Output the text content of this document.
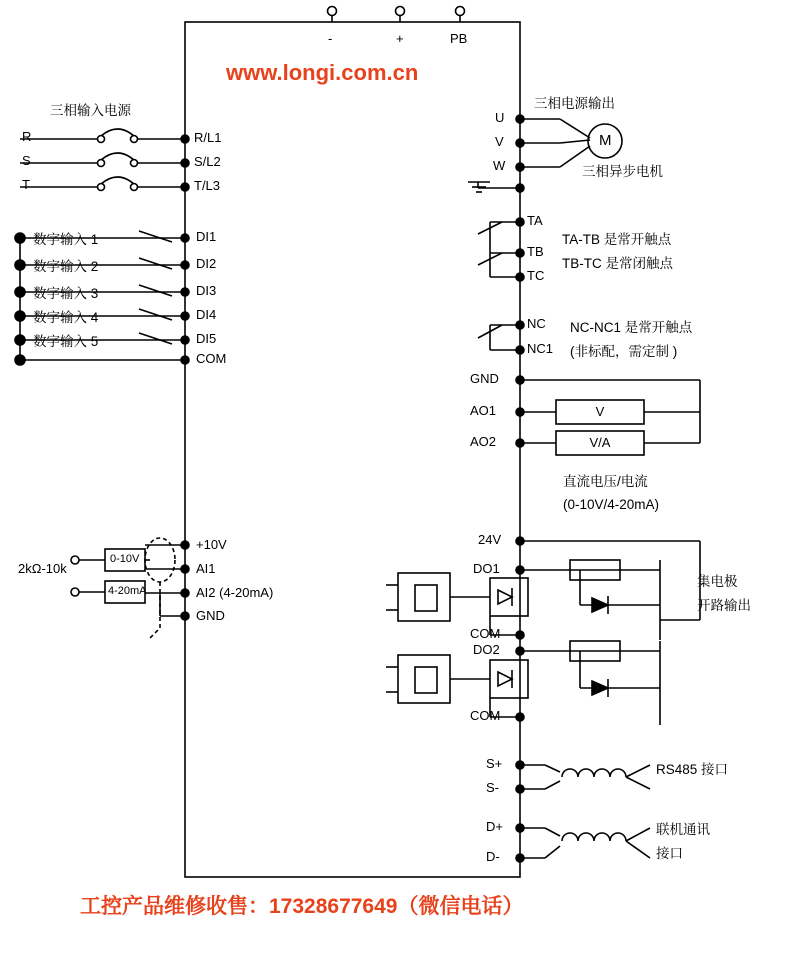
www.longi.com.cn
工控产品维修收售：17328677649（微信电话）
-	+	PB
三相输入电源
R
S
T
R/L1
S/L2
T/L3
数字输入 1
数字输入 2
数字输入 3
数字输入 4
数字输入 5
DI1
DI2
DI3
DI4
DI5
COM
2kΩ-10k
0-10V
4-20mA
+10V
AI1
AI2 (4-20mA)
GND
三相电源输出
U
V
W
M
三相异步电机
TA
TB
TC
TA-TB 是常开触点
TB-TC 是常闭触点
NC
NC1
NC-NC1 是常开触点
(非标配，需定制 )
GND
AO1
AO2
V
V/A
直流电压/电流
(0-10V/4-20mA)
24V
DO1
COM
DO2
COM
集电极
开路输出
S+
S-
RS485 接口
D+
D-
联机通讯
接口
